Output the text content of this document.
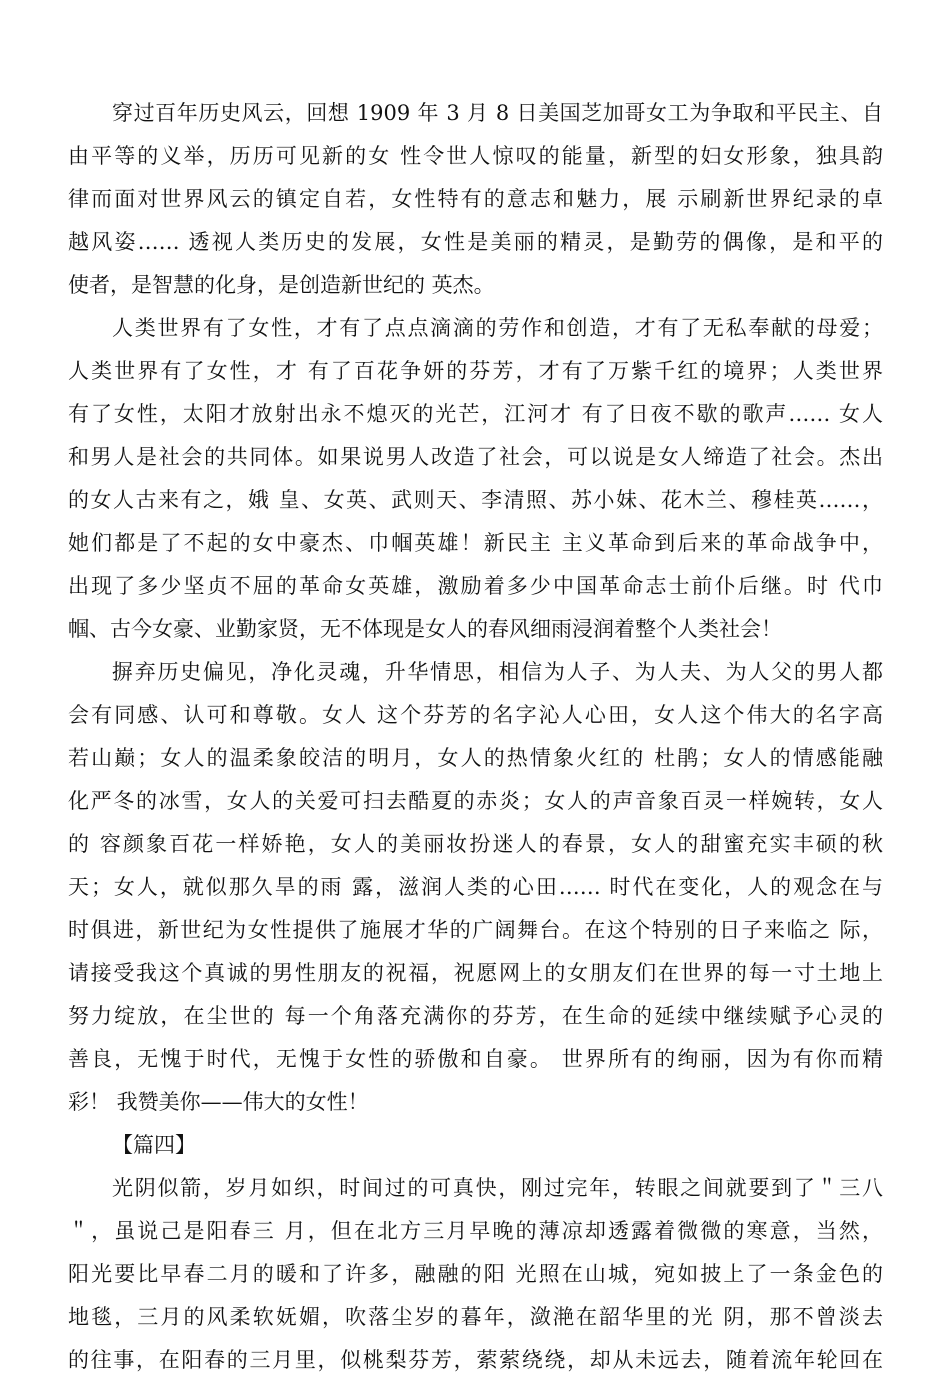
穿过百年历史风云，回想 1909 年 3 月 8 日美国芝加哥女工为争取和平民主、自
由平等的义举，历历可见新的女 性令世人惊叹的能量，新型的妇女形象，独具韵
律而面对世界风云的镇定自若，女性特有的意志和魅力，展 示刷新世界纪录的卓
越风姿…… 透视人类历史的发展，女性是美丽的精灵，是勤劳的偶像，是和平的
使者，是智慧的化身，是创造新世纪的 英杰。
人类世界有了女性，才有了点点滴滴的劳作和创造，才有了无私奉献的母爱；
人类世界有了女性，才 有了百花争妍的芬芳，才有了万紫千红的境界；人类世界
有了女性，太阳才放射出永不熄灭的光芒，江河才 有了日夜不歇的歌声…… 女人
和男人是社会的共同体。如果说男人改造了社会，可以说是女人缔造了社会。杰出
的女人古来有之，娥 皇、女英、武则天、李清照、苏小妹、花木兰、穆桂英……，
她们都是了不起的女中豪杰、巾帼英雄！新民主 主义革命到后来的革命战争中，
出现了多少坚贞不屈的革命女英雄，激励着多少中国革命志士前仆后继。时 代巾
帼、古今女豪、业勤家贤，无不体现是女人的春风细雨浸润着整个人类社会！
摒弃历史偏见，净化灵魂，升华情思，相信为人子、为人夫、为人父的男人都
会有同感、认可和尊敬。女人 这个芬芳的名字沁人心田，女人这个伟大的名字高
若山巅；女人的温柔象皎洁的明月，女人的热情象火红的 杜鹃；女人的情感能融
化严冬的冰雪，女人的关爱可扫去酷夏的赤炎；女人的声音象百灵一样婉转，女人
的 容颜象百花一样娇艳，女人的美丽妆扮迷人的春景，女人的甜蜜充实丰硕的秋
天；女人，就似那久旱的雨 露，滋润人类的心田…… 时代在变化，人的观念在与
时俱进，新世纪为女性提供了施展才华的广阔舞台。在这个特别的日子来临之 际，
请接受我这个真诚的男性朋友的祝福，祝愿网上的女朋友们在世界的每一寸土地上
努力绽放，在尘世的 每一个角落充满你的芬芳，在生命的延续中继续赋予心灵的
善良，无愧于时代，无愧于女性的骄傲和自豪。 世界所有的绚丽，因为有你而精
彩！ 我赞美你——伟大的女性！
【篇四】
光阴似箭，岁月如织，时间过的可真快，刚过完年，转眼之间就要到了＂三八
＂，虽说己是阳春三 月，但在北方三月早晚的薄凉却透露着微微的寒意，当然，
阳光要比早春二月的暖和了许多，融融的阳 光照在山城，宛如披上了一条金色的
地毯，三月的风柔软妩媚，吹落尘岁的暮年，潋滟在韶华里的光 阴，那不曾淡去
的往事，在阳春的三月里，似桃梨芬芳，萦萦绕绕，却从未远去，随着流年轮回在
